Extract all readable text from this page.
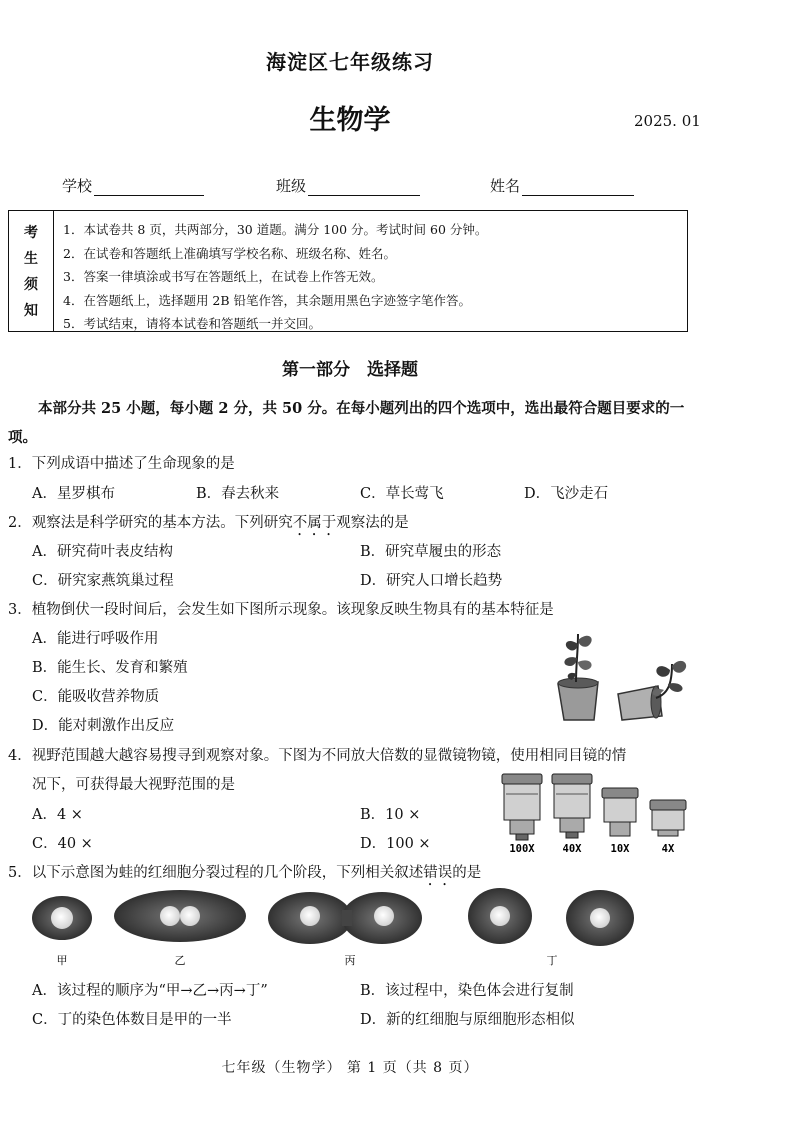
海淀区七年级练习
生物学	2025. 01
学校	班级	姓名
考
生
须
知
1．本试卷共 8 页，共两部分，30 道题。满分 100 分。考试时间 60 分钟。
2．在试卷和答题纸上准确填写学校名称、班级名称、姓名。
3．答案一律填涂或书写在答题纸上，在试卷上作答无效。
4．在答题纸上，选择题用 2B 铅笔作答，其余题用黑色字迹签字笔作答。
5．考试结束，请将本试卷和答题纸一并交回。
第一部分　选择题
本部分共 25 小题，每小题 2 分，共 50 分。在每小题列出的四个选项中，选出最符合题目要求的一项。
1．下列成语中描述了生命现象的是
A．星罗棋布	B．春去秋来	C．草长莺飞	D．飞沙走石
2．观察法是科学研究的基本方法。下列研究不属于观察法的是
A．研究荷叶表皮结构	B．研究草履虫的形态
C．研究家燕筑巢过程	D．研究人口增长趋势
3．植物倒伏一段时间后，会发生如下图所示现象。该现象反映生物具有的基本特征是
A．能进行呼吸作用
B．能生长、发育和繁殖
C．能吸收营养物质
D．能对刺激作出反应
4．视野范围越大越容易搜寻到观察对象。下图为不同放大倍数的显微镜物镜，使用相同目镜的情
况下，可获得最大视野范围的是
A．4 ×	B．10 ×
C．40 ×	D．100 ×	100X	40X	10X	4X
5．以下示意图为蛙的红细胞分裂过程的几个阶段，下列相关叙述错误的是
甲	乙	丙	丁
A．该过程的顺序为“甲→乙→丙→丁”	B．该过程中，染色体会进行复制
C．丁的染色体数目是甲的一半	D．新的红细胞与原细胞形态相似
七年级（生物学） 第 1 页（共 8 页）
